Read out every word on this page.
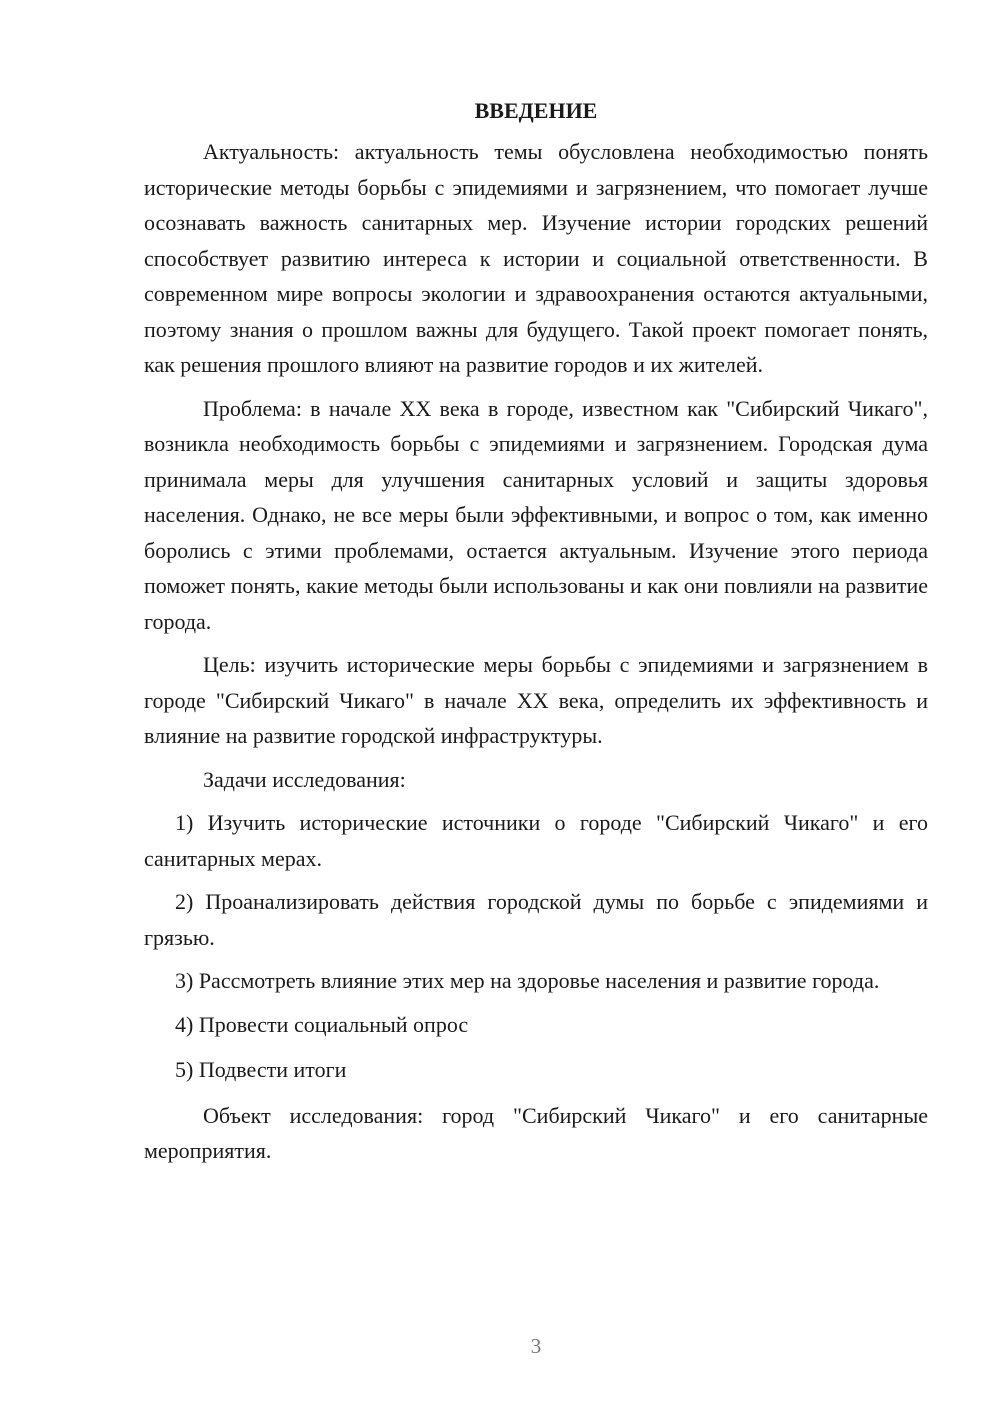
ВВЕДЕНИЕ

Актуальность: актуальность темы обусловлена необходимостью понять исторические методы борьбы с эпидемиями и загрязнением, что помогает лучше осознавать важность санитарных мер. Изучение истории городских решений способствует развитию интереса к истории и социальной ответственности. В современном мире вопросы экологии и здравоохранения остаются актуальными, поэтому знания о прошлом важны для будущего. Такой проект помогает понять, как решения прошлого влияют на развитие городов и их жителей.

Проблема: в начале XX века в городе, известном как "Сибирский Чикаго", возникла необходимость борьбы с эпидемиями и загрязнением. Городская дума принимала меры для улучшения санитарных условий и защиты здоровья населения. Однако, не все меры были эффективными, и вопрос о том, как именно боролись с этими проблемами, остается актуальным. Изучение этого периода поможет понять, какие методы были использованы и как они повлияли на развитие города.

Цель: изучить исторические меры борьбы с эпидемиями и загрязнением в городе "Сибирский Чикаго" в начале XX века, определить их эффективность и влияние на развитие городской инфраструктуры.

Задачи исследования:

1) Изучить исторические источники о городе "Сибирский Чикаго" и его санитарных мерах.

2) Проанализировать действия городской думы по борьбе с эпидемиями и грязью.

3) Рассмотреть влияние этих мер на здоровье населения и развитие города.

4) Провести социальный опрос

5) Подвести итоги

Объект исследования: город "Сибирский Чикаго" и его санитарные мероприятия.

3
